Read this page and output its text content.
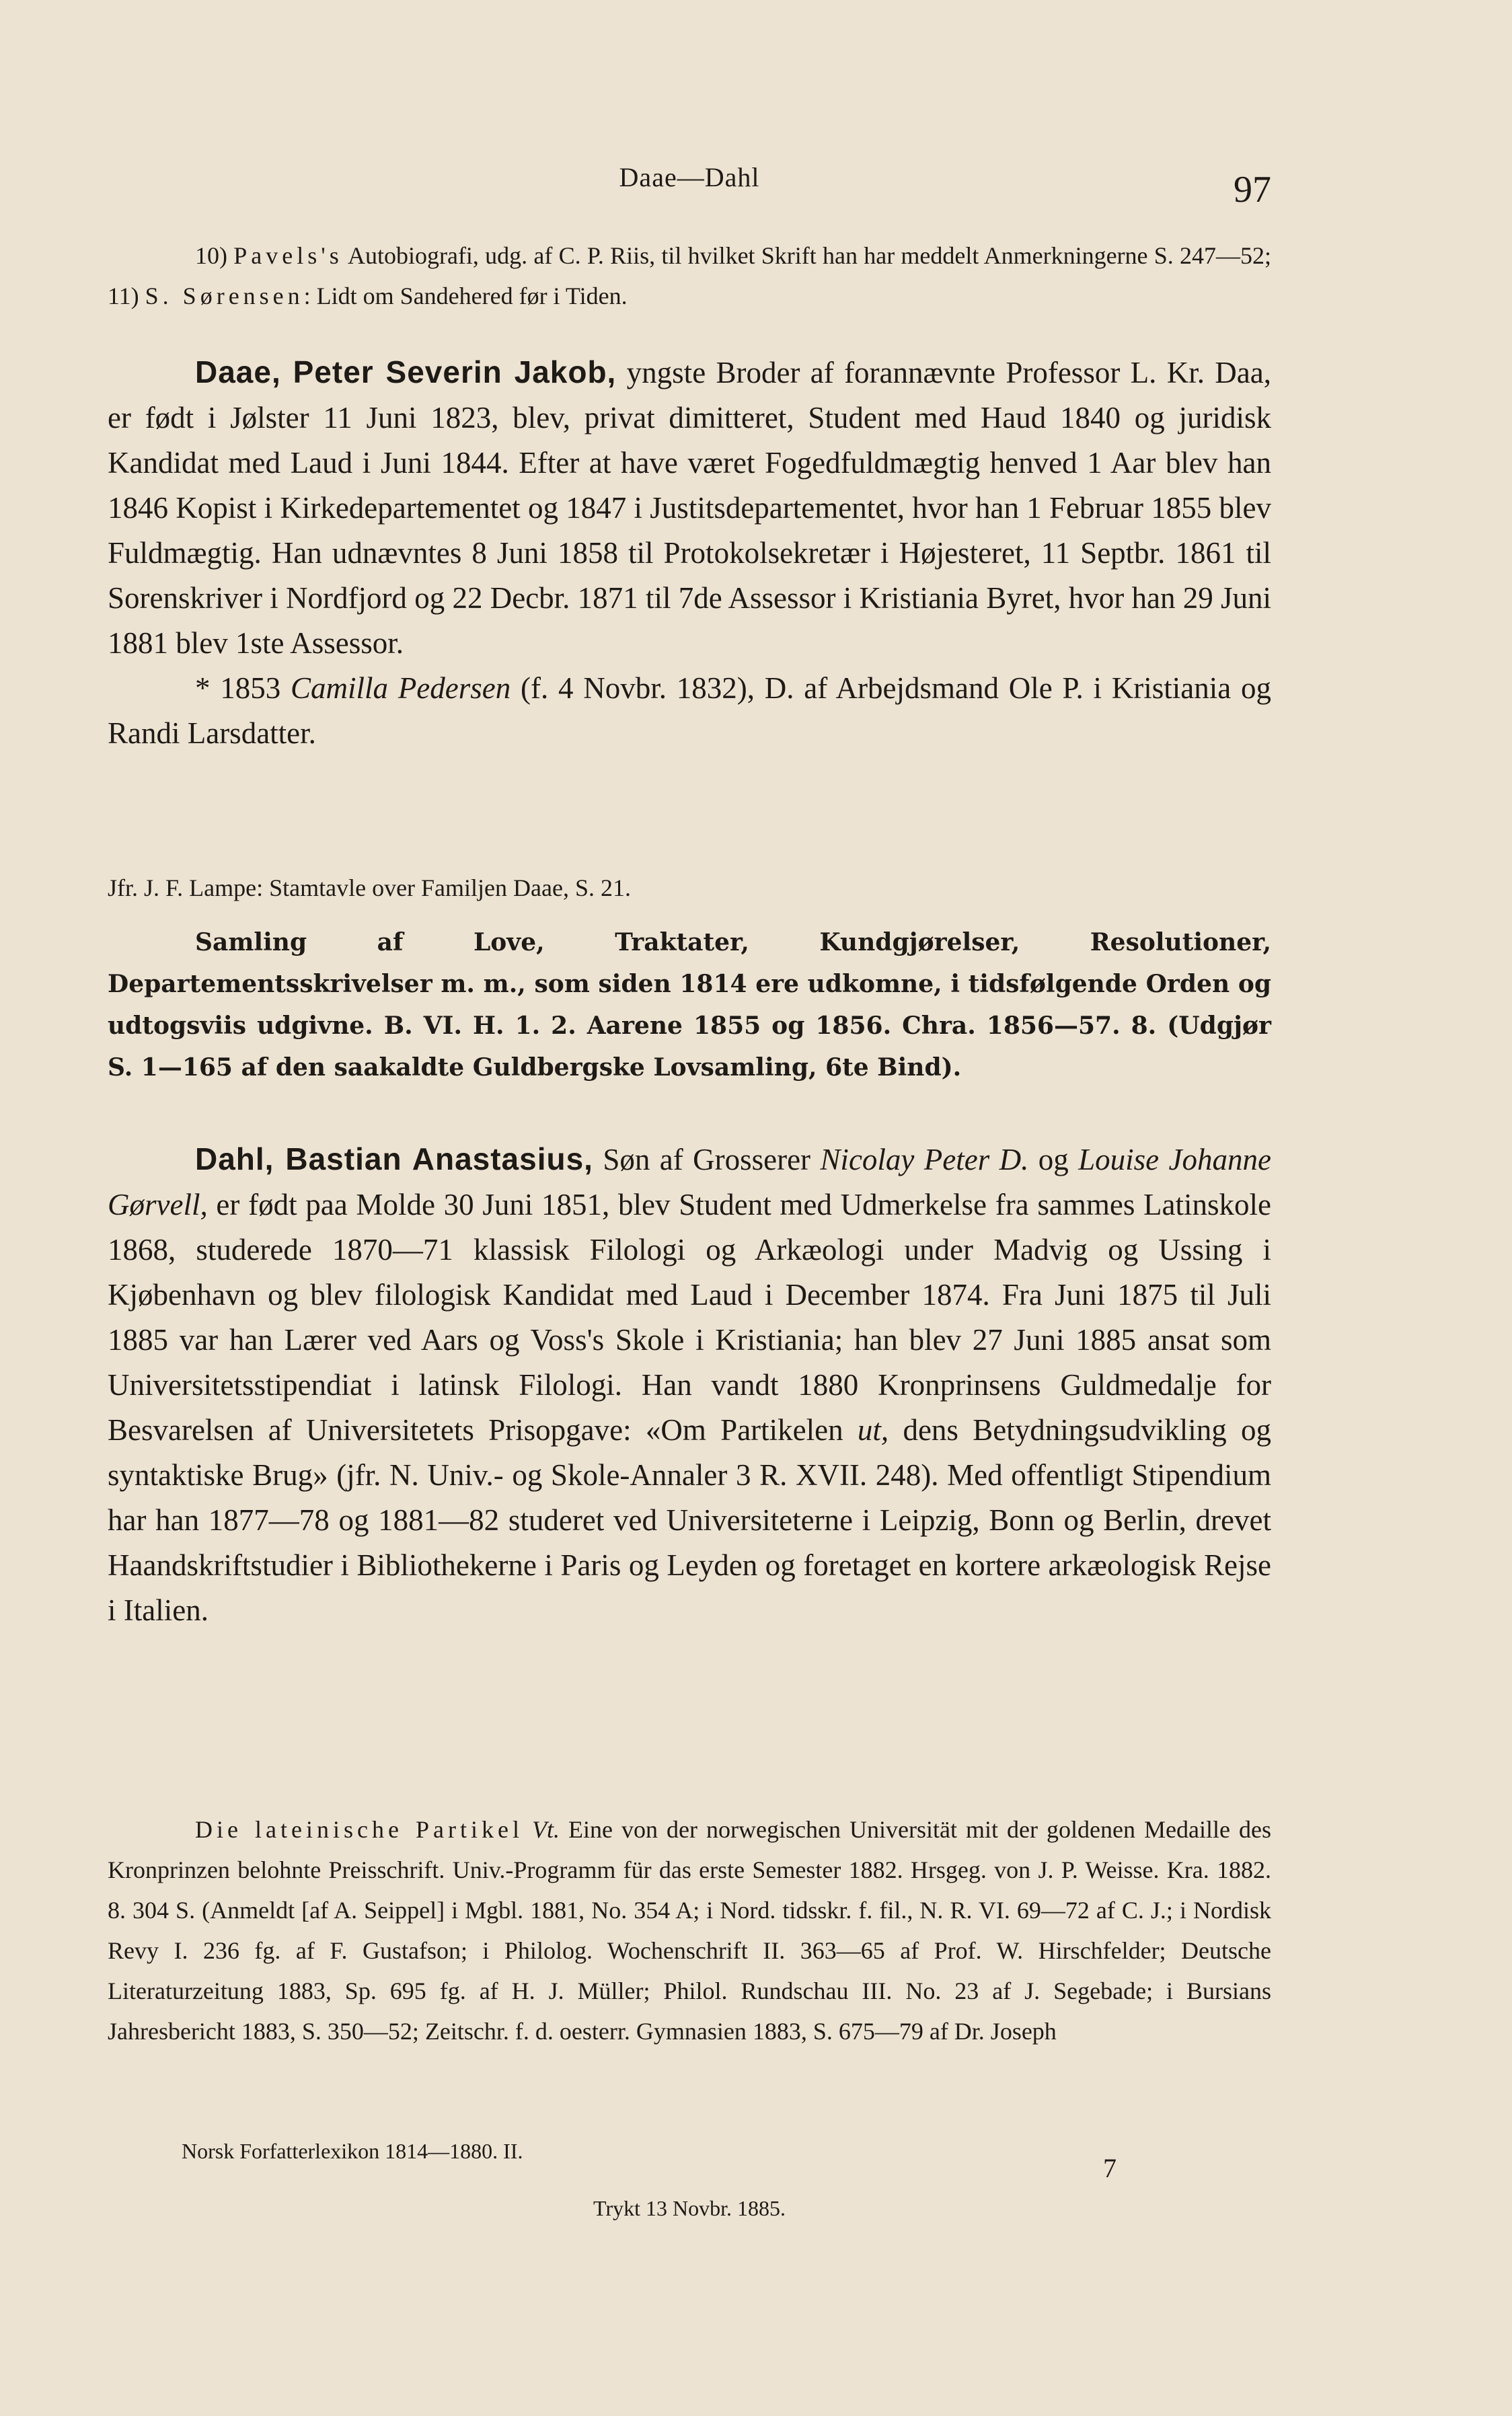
Daae—Dahl	97

10) Pavels's Autobiografi, udg. af C. P. Riis, til hvilket Skrift han har meddelt Anmerkningerne S. 247—52; 11) S. Sørensen: Lidt om Sandehered før i Tiden.

Daae, Peter Severin Jakob, yngste Broder af forannævnte Professor L. Kr. Daa, er født i Jølster 11 Juni 1823, blev, privat dimitteret, Student med Haud 1840 og juridisk Kandidat med Laud i Juni 1844. Efter at have været Fogedfuldmægtig henved 1 Aar blev han 1846 Kopist i Kirkedepartementet og 1847 i Justitsdepartementet, hvor han 1 Februar 1855 blev Fuldmægtig. Han udnævntes 8 Juni 1858 til Protokolsekretær i Højesteret, 11 Septbr. 1861 til Sorenskriver i Nordfjord og 22 Decbr. 1871 til 7de Assessor i Kristiania Byret, hvor han 29 Juni 1881 blev 1ste Assessor.

* 1853 Camilla Pedersen (f. 4 Novbr. 1832), D. af Arbejdsmand Ole P. i Kristiania og Randi Larsdatter.

Jfr. J. F. Lampe: Stamtavle over Familjen Daae, S. 21.

Samling af Love, Traktater, Kundgjørelser, Resolutioner, Departementsskrivelser m. m., som siden 1814 ere udkomne, i tidsfølgende Orden og udtogsviis udgivne. B. VI. H. 1. 2. Aarene 1855 og 1856. Chra. 1856—57. 8. (Udgjør S. 1—165 af den saakaldte Guldbergske Lovsamling, 6te Bind).

Dahl, Bastian Anastasius, Søn af Grosserer Nicolay Peter D. og Louise Johanne Gørvell, er født paa Molde 30 Juni 1851, blev Student med Udmerkelse fra sammes Latinskole 1868, studerede 1870—71 klassisk Filologi og Arkæologi under Madvig og Ussing i Kjøbenhavn og blev filologisk Kandidat med Laud i December 1874. Fra Juni 1875 til Juli 1885 var han Lærer ved Aars og Voss's Skole i Kristiania; han blev 27 Juni 1885 ansat som Universitetsstipendiat i latinsk Filologi. Han vandt 1880 Kronprinsens Guldmedalje for Besvarelsen af Universitetets Prisopgave: «Om Partikelen ut, dens Betydningsudvikling og syntaktiske Brug» (jfr. N. Univ.- og Skole-Annaler 3 R. XVII. 248). Med offentligt Stipendium har han 1877—78 og 1881—82 studeret ved Universiteterne i Leipzig, Bonn og Berlin, drevet Haandskriftstudier i Bibliothekerne i Paris og Leyden og foretaget en kortere arkæologisk Rejse i Italien.

Die lateinische Partikel Vt. Eine von der norwegischen Universität mit der goldenen Medaille des Kronprinzen belohnte Preisschrift. Univ.-Programm für das erste Semester 1882. Hrsgeg. von J. P. Weisse. Kra. 1882. 8. 304 S. (Anmeldt [af A. Seippel] i Mgbl. 1881, No. 354 A; i Nord. tidsskr. f. fil., N. R. VI. 69—72 af C. J.; i Nordisk Revy I. 236 fg. af F. Gustafson; i Philolog. Wochenschrift II. 363—65 af Prof. W. Hirschfelder; Deutsche Literaturzeitung 1883, Sp. 695 fg. af H. J. Müller; Philol. Rundschau III. No. 23 af J. Segebade; i Bursians Jahresbericht 1883, S. 350—52; Zeitschr. f. d. oesterr. Gymnasien 1883, S. 675—79 af Dr. Joseph

Norsk Forfatterlexikon 1814—1880. II.
7
Trykt 13 Novbr. 1885.
